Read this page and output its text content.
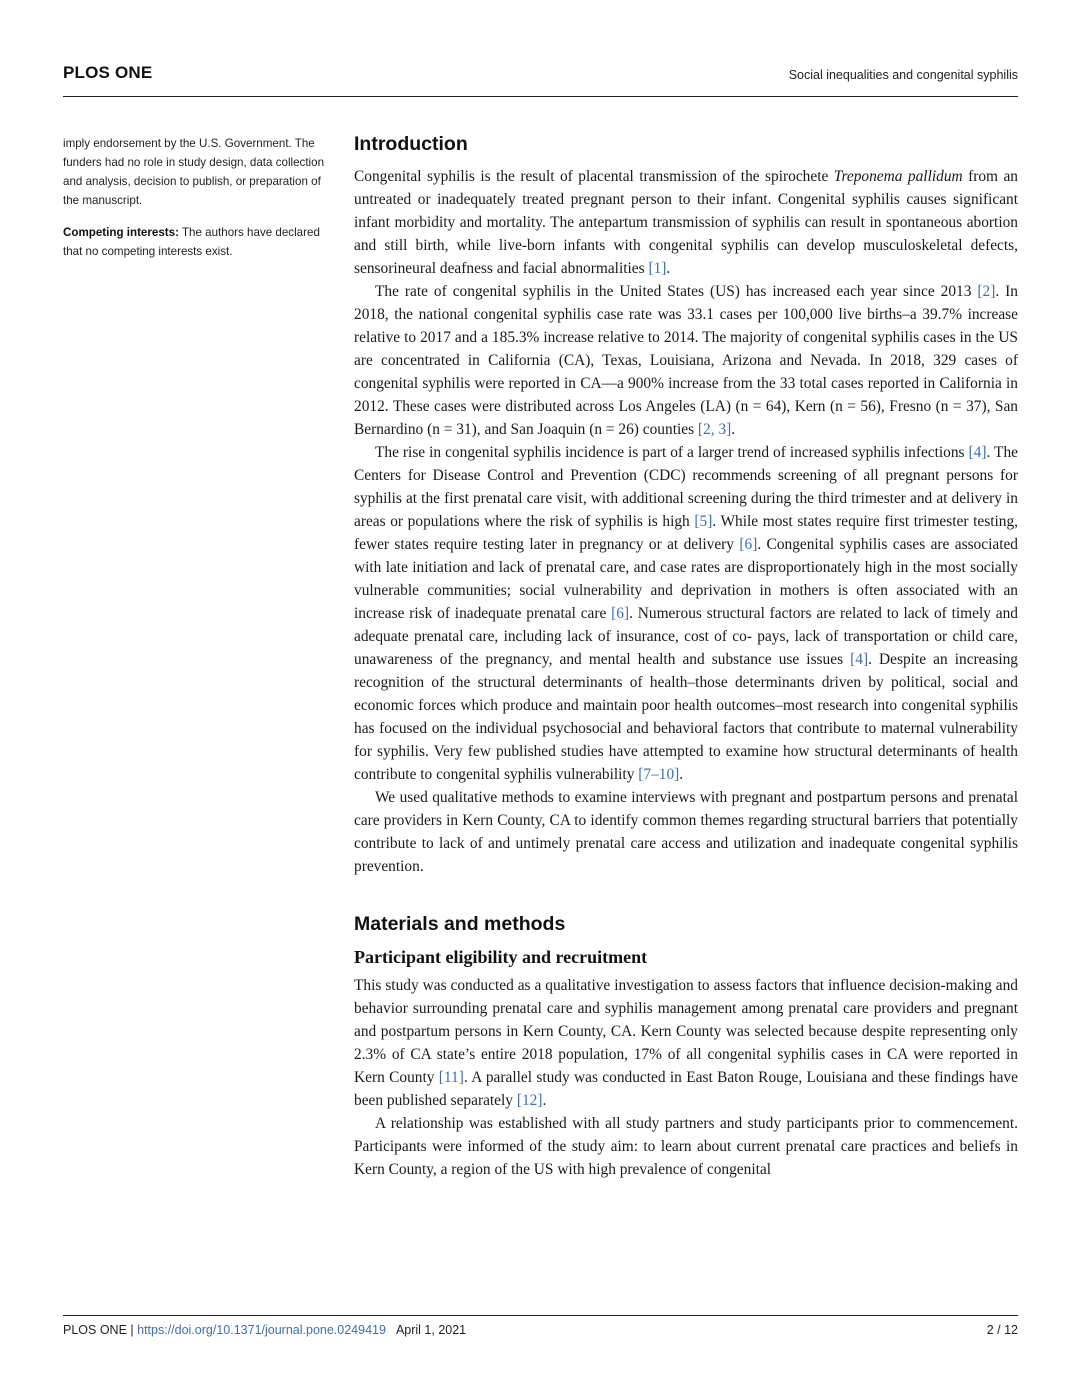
PLOS ONE	Social inequalities and congenital syphilis

imply endorsement by the U.S. Government. The funders had no role in study design, data collection and analysis, decision to publish, or preparation of the manuscript.

Competing interests: The authors have declared that no competing interests exist.

Introduction

Congenital syphilis is the result of placental transmission of the spirochete Treponema pallidum from an untreated or inadequately treated pregnant person to their infant. Congenital syphilis causes significant infant morbidity and mortality. The antepartum transmission of syphilis can result in spontaneous abortion and still birth, while live-born infants with congenital syphilis can develop musculoskeletal defects, sensorineural deafness and facial abnormalities [1].

The rate of congenital syphilis in the United States (US) has increased each year since 2013 [2]. In 2018, the national congenital syphilis case rate was 33.1 cases per 100,000 live births–a 39.7% increase relative to 2017 and a 185.3% increase relative to 2014. The majority of congenital syphilis cases in the US are concentrated in California (CA), Texas, Louisiana, Arizona and Nevada. In 2018, 329 cases of congenital syphilis were reported in CA—a 900% increase from the 33 total cases reported in California in 2012. These cases were distributed across Los Angeles (LA) (n = 64), Kern (n = 56), Fresno (n = 37), San Bernardino (n = 31), and San Joaquin (n = 26) counties [2, 3].

The rise in congenital syphilis incidence is part of a larger trend of increased syphilis infections [4]. The Centers for Disease Control and Prevention (CDC) recommends screening of all pregnant persons for syphilis at the first prenatal care visit, with additional screening during the third trimester and at delivery in areas or populations where the risk of syphilis is high [5]. While most states require first trimester testing, fewer states require testing later in pregnancy or at delivery [6]. Congenital syphilis cases are associated with late initiation and lack of prenatal care, and case rates are disproportionately high in the most socially vulnerable communities; social vulnerability and deprivation in mothers is often associated with an increase risk of inadequate prenatal care [6]. Numerous structural factors are related to lack of timely and adequate prenatal care, including lack of insurance, cost of co- pays, lack of transportation or child care, unawareness of the pregnancy, and mental health and substance use issues [4]. Despite an increasing recognition of the structural determinants of health–those determinants driven by political, social and economic forces which produce and maintain poor health outcomes–most research into congenital syphilis has focused on the individual psychosocial and behavioral factors that contribute to maternal vulnerability for syphilis. Very few published studies have attempted to examine how structural determinants of health contribute to congenital syphilis vulnerability [7–10].

We used qualitative methods to examine interviews with pregnant and postpartum persons and prenatal care providers in Kern County, CA to identify common themes regarding structural barriers that potentially contribute to lack of and untimely prenatal care access and utilization and inadequate congenital syphilis prevention.

Materials and methods
Participant eligibility and recruitment

This study was conducted as a qualitative investigation to assess factors that influence decision-making and behavior surrounding prenatal care and syphilis management among prenatal care providers and pregnant and postpartum persons in Kern County, CA. Kern County was selected because despite representing only 2.3% of CA state’s entire 2018 population, 17% of all congenital syphilis cases in CA were reported in Kern County [11]. A parallel study was conducted in East Baton Rouge, Louisiana and these findings have been published separately [12].

A relationship was established with all study partners and study participants prior to commencement. Participants were informed of the study aim: to learn about current prenatal care practices and beliefs in Kern County, a region of the US with high prevalence of congenital

PLOS ONE | https://doi.org/10.1371/journal.pone.0249419 April 1, 2021	2 / 12
